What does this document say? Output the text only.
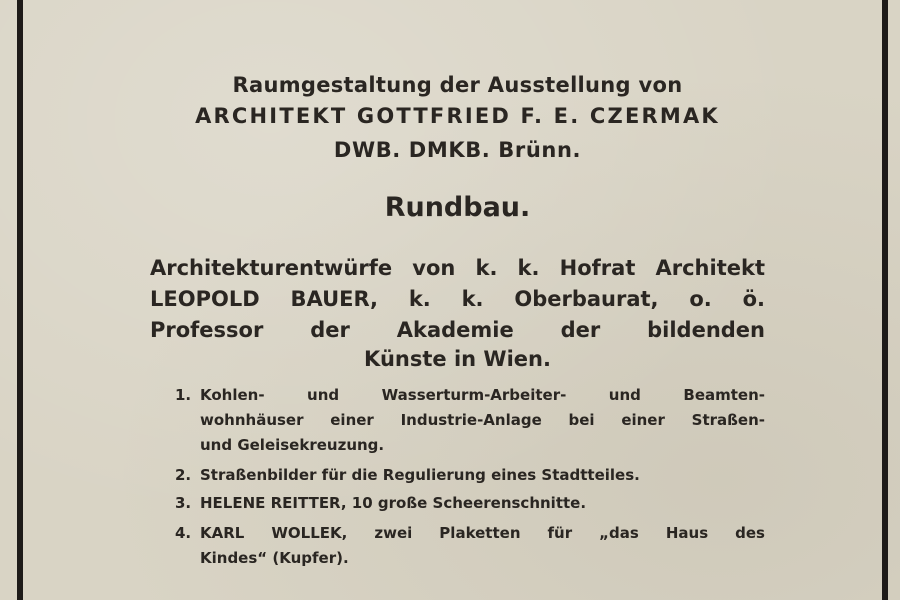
Raumgestaltung der Ausstellung von
ARCHITEKT GOTTFRIED F. E. CZERMAK
DWB. DMKB. Brünn.
Rundbau.
Architekturentwürfe von k. k. Hofrat Architekt
LEOPOLD BAUER, k. k. Oberbaurat, o. ö.
Professor der Akademie der bildenden
Künste in Wien.
1. Kohlen- und Wasserturm-Arbeiter- und Beamten-
wohnhäuser einer Industrie-Anlage bei einer Straßen-
und Geleisekreuzung.
2. Straßenbilder für die Regulierung eines Stadtteiles.
3. HELENE REITTER, 10 große Scheerenschnitte.
4. KARL WOLLEK, zwei Plaketten für „das Haus des
Kindes“ (Kupfer).
